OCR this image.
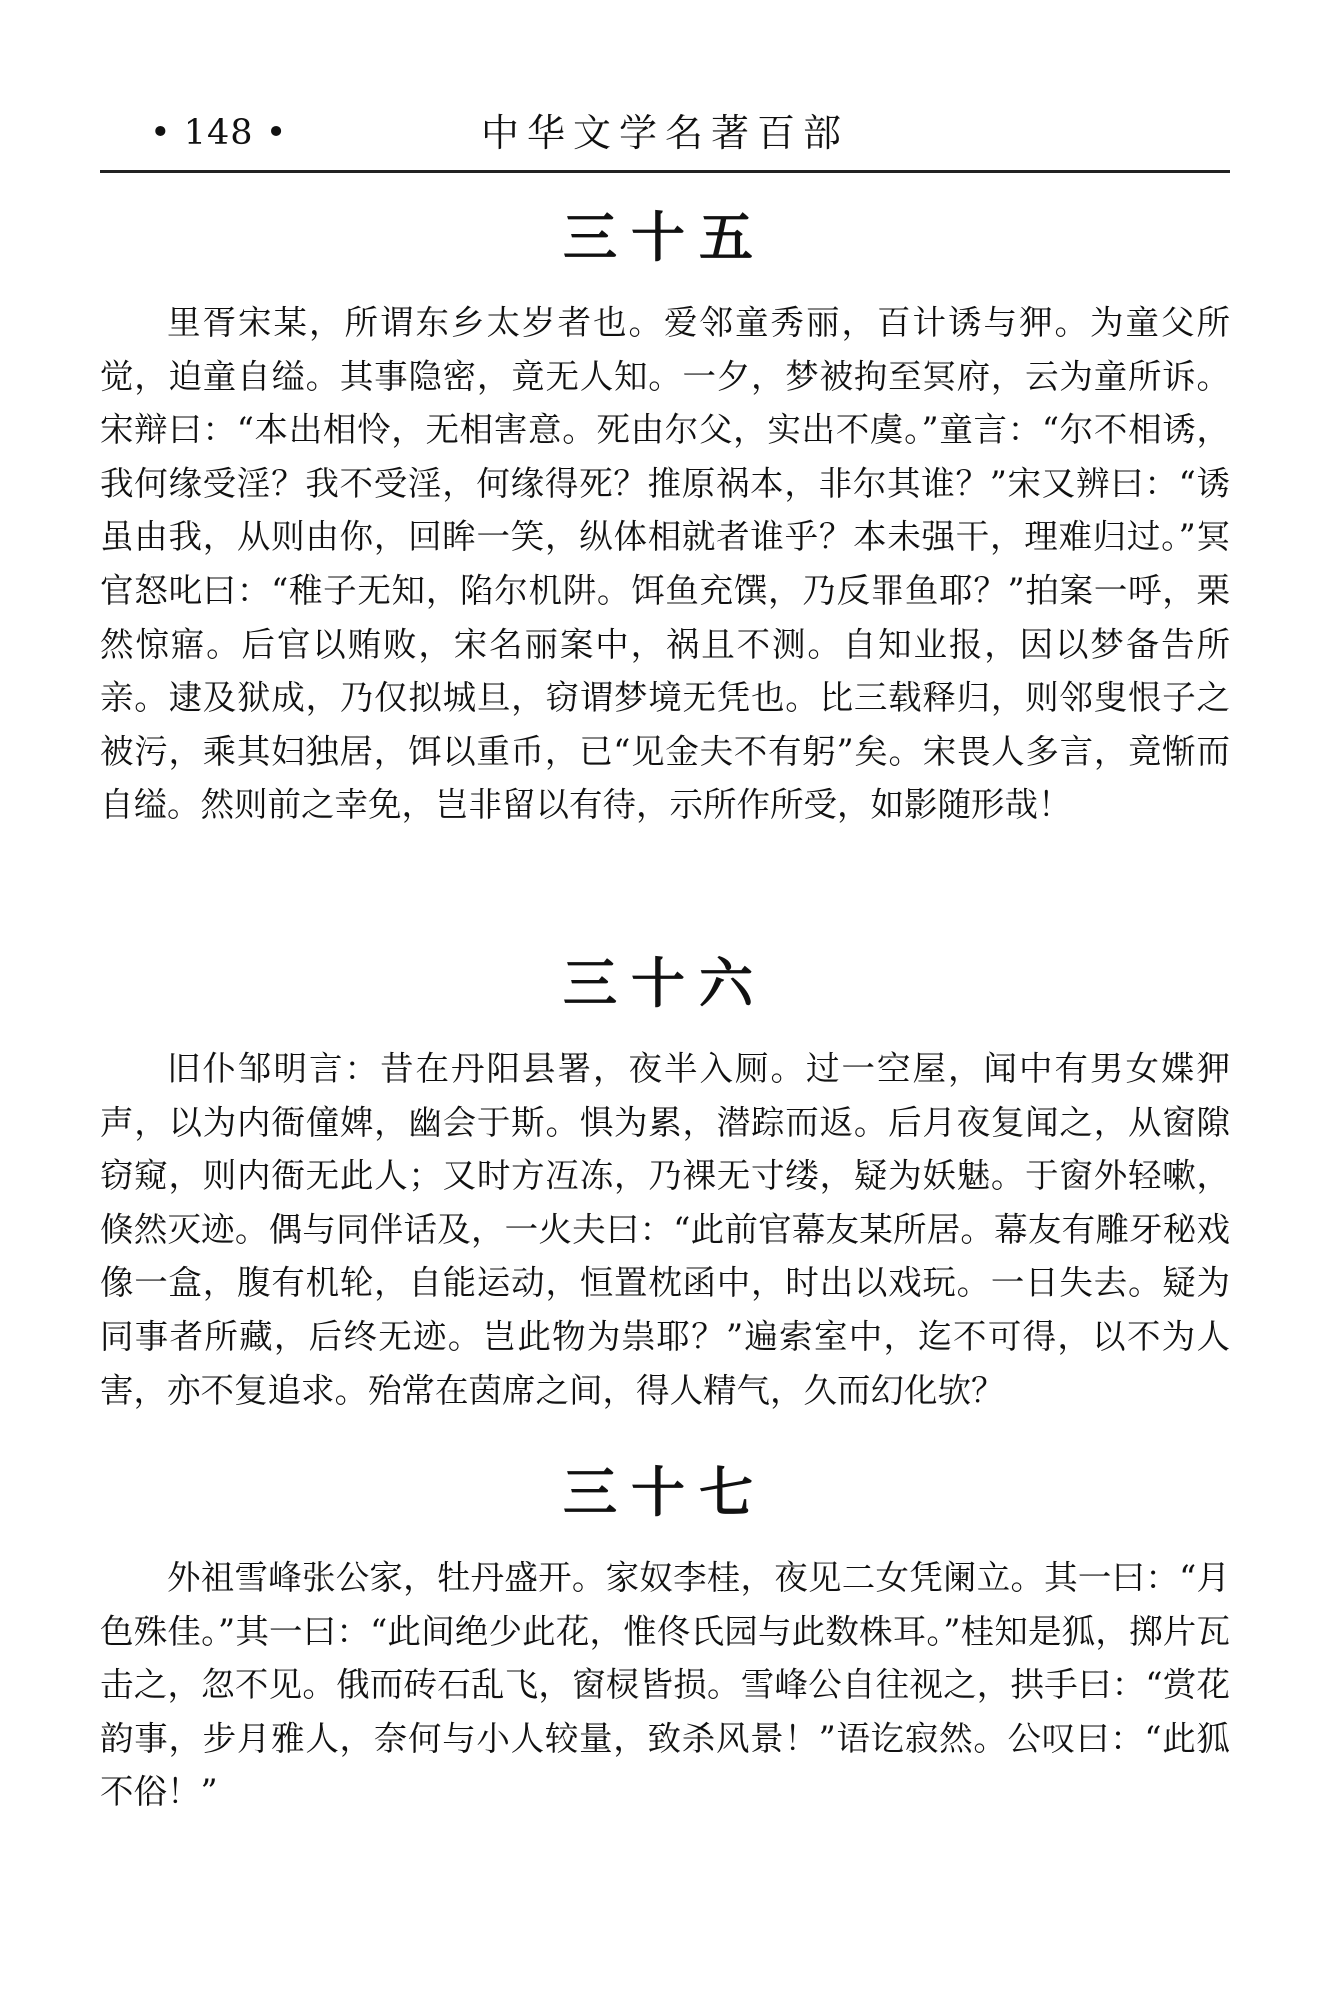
• 148 •	中华文学名著百部
三十五

里胥宋某，所谓东乡太岁者也。爱邻童秀丽，百计诱与狎。为童父所觉，迫童自缢。其事隐密，竟无人知。一夕，梦被拘至冥府，云为童所诉。宋辩曰：“本出相怜，无相害意。死由尔父，实出不虞。”童言：“尔不相诱，我何缘受淫？我不受淫，何缘得死？推原祸本，非尔其谁？”宋又辨曰：“诱虽由我，从则由你，回眸一笑，纵体相就者谁乎？本未强干，理难归过。”冥官怒叱曰：“稚子无知，陷尔机阱。饵鱼充馔，乃反罪鱼耶？”拍案一呼，栗然惊寤。后官以贿败，宋名丽案中，祸且不测。自知业报，因以梦备告所亲。逮及狱成，乃仅拟城旦，窃谓梦境无凭也。比三载释归，则邻叟恨子之被污，乘其妇独居，饵以重币，已“见金夫不有躬”矣。宋畏人多言，竟惭而自缢。然则前之幸免，岂非留以有待，示所作所受，如影随形哉！

三十六

旧仆邹明言：昔在丹阳县署，夜半入厕。过一空屋，闻中有男女媟狎声，以为内衙僮婢，幽会于斯。惧为累，潜踪而返。后月夜复闻之，从窗隙窃窥，则内衙无此人；又时方冱冻，乃裸无寸缕，疑为妖魅。于窗外轻嗽，倏然灭迹。偶与同伴话及，一火夫曰：“此前官幕友某所居。幕友有雕牙秘戏像一盒，腹有机轮，自能运动，恒置枕函中，时出以戏玩。一日失去。疑为同事者所藏，后终无迹。岂此物为祟耶？”遍索室中，迄不可得，以不为人害，亦不复追求。殆常在茵席之间，得人精气，久而幻化欤？

三十七

外祖雪峰张公家，牡丹盛开。家奴李桂，夜见二女凭阑立。其一曰：“月色殊佳。”其一曰：“此间绝少此花，惟佟氏园与此数株耳。”桂知是狐，掷片瓦击之，忽不见。俄而砖石乱飞，窗棂皆损。雪峰公自往视之，拱手曰：“赏花韵事，步月雅人，奈何与小人较量，致杀风景！”语讫寂然。公叹曰：“此狐不俗！”
